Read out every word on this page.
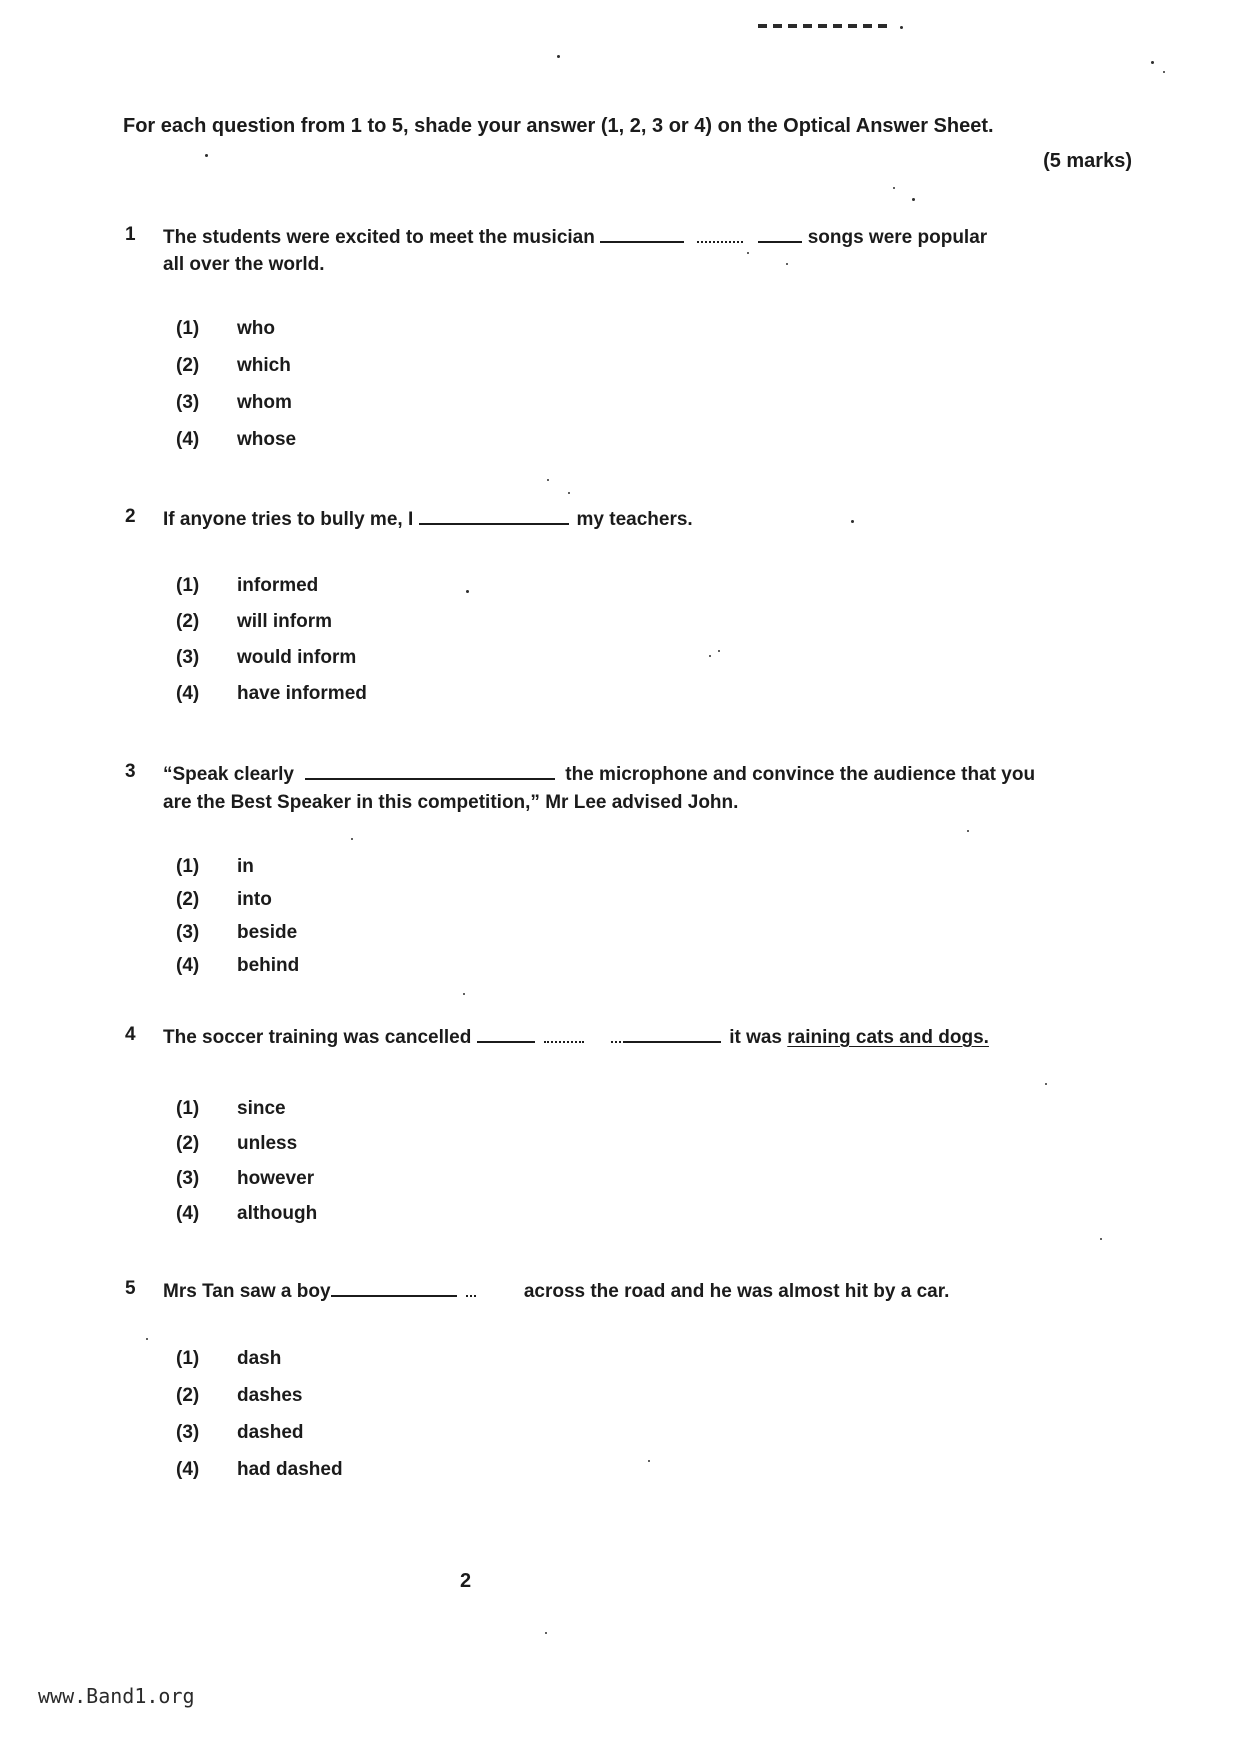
For each question from 1 to 5, shade your answer (1, 2, 3 or 4) on the Optical Answer Sheet.
(5 marks)
1 The students were excited to meet the musician	songs were popular
all over the world.
(1) who
(2) which
(3) whom
(4) whose
2 If anyone tries to bully me, I	my teachers.
(1) informed
(2) will inform
(3) would inform
(4) have informed
3 “Speak clearly	the microphone and convince the audience that you
are the Best Speaker in this competition,” Mr Lee advised John.
(1) in
(2) into
(3) beside
(4) behind
4 The soccer training was cancelled	it was raining cats and dogs.
(1) since
(2) unless
(3) however
(4) although
5 Mrs Tan saw a boy	across the road and he was almost hit by a car.
(1) dash
(2) dashes
(3) dashed
(4) had dashed
2
www.Band1.org
